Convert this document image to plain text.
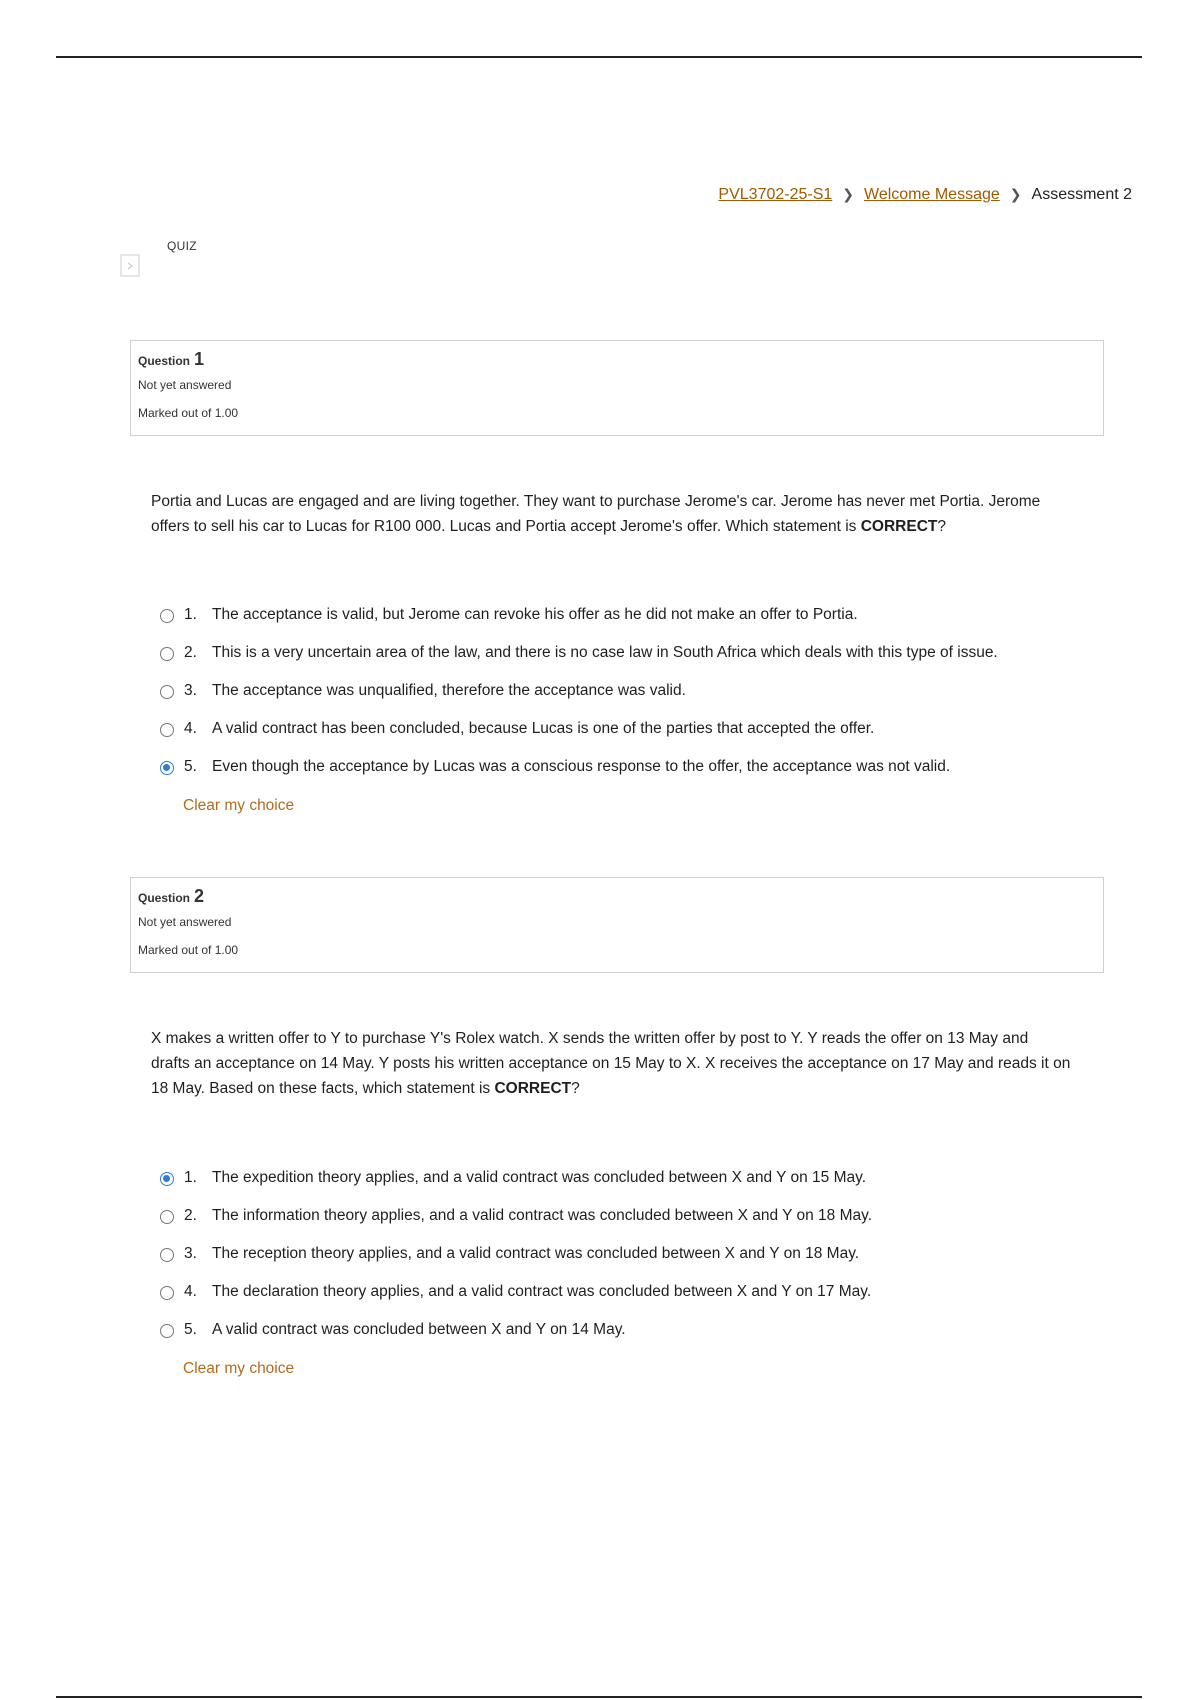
PVL3702-25-S1 ❯ Welcome Message ❯ Assessment 2
QUIZ
Question 1
Not yet answered
Marked out of 1.00
Portia and Lucas are engaged and are living together. They want to purchase Jerome's car. Jerome has never met Portia. Jerome offers to sell his car to Lucas for R100 000. Lucas and Portia accept Jerome's offer. Which statement is CORRECT?
1. The acceptance is valid, but Jerome can revoke his offer as he did not make an offer to Portia.
2. This is a very uncertain area of the law, and there is no case law in South Africa which deals with this type of issue.
3. The acceptance was unqualified, therefore the acceptance was valid.
4. A valid contract has been concluded, because Lucas is one of the parties that accepted the offer.
5. Even though the acceptance by Lucas was a conscious response to the offer, the acceptance was not valid.
Clear my choice
Question 2
Not yet answered
Marked out of 1.00
X makes a written offer to Y to purchase Y's Rolex watch. X sends the written offer by post to Y. Y reads the offer on 13 May and drafts an acceptance on 14 May. Y posts his written acceptance on 15 May to X. X receives the acceptance on 17 May and reads it on 18 May. Based on these facts, which statement is CORRECT?
1. The expedition theory applies, and a valid contract was concluded between X and Y on 15 May.
2. The information theory applies, and a valid contract was concluded between X and Y on 18 May.
3. The reception theory applies, and a valid contract was concluded between X and Y on 18 May.
4. The declaration theory applies, and a valid contract was concluded between X and Y on 17 May.
5. A valid contract was concluded between X and Y on 14 May.
Clear my choice
